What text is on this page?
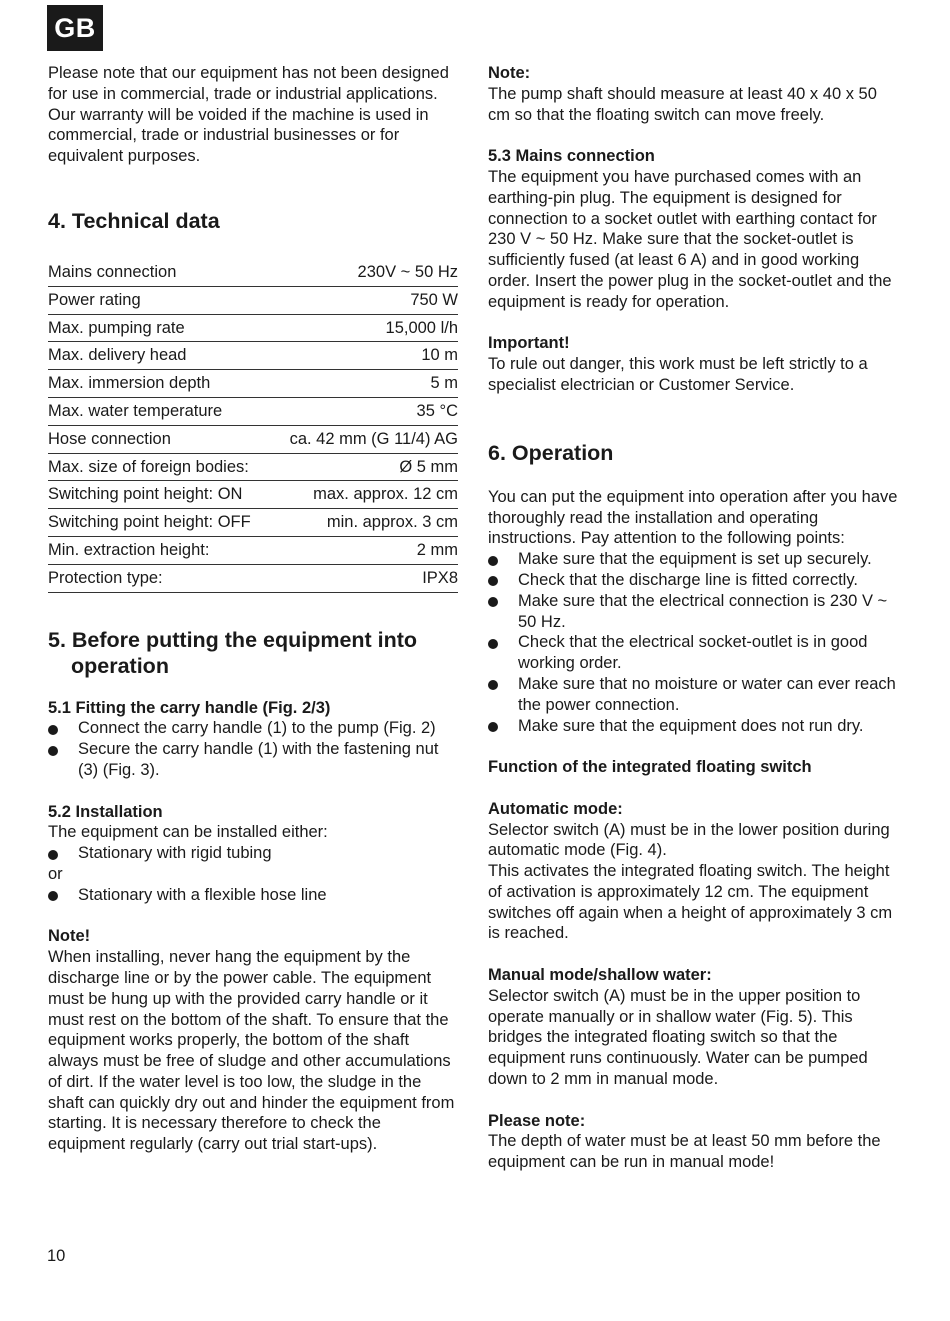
GB

Please note that our equipment has not been designed for use in commercial, trade or industrial applications. Our warranty will be voided if the machine is used in commercial, trade or industrial businesses or for equivalent purposes.

4. Technical data
Mains connection	230V ~ 50 Hz
Power rating	750 W
Max. pumping rate	15,000 l/h
Max. delivery head	10 m
Max. immersion depth	5 m
Max. water temperature	35 °C
Hose connection	ca. 42 mm (G 11/4) AG
Max. size of foreign bodies:	Ø 5 mm
Switching point height: ON	max. approx. 12 cm
Switching point height: OFF	min. approx. 3 cm
Min. extraction height:	2 mm
Protection type:	IPX8
5. Before putting the equipment into operation

5.1 Fitting the carry handle (Fig. 2/3)

Connect the carry handle (1) to the pump (Fig. 2)
Secure the carry handle (1) with the fastening nut (3) (Fig. 3).

5.2 Installation

The equipment can be installed either:

Stationary with rigid tubing

or

Stationary with a flexible hose line

Note!

When installing, never hang the equipment by the discharge line or by the power cable. The equipment must be hung up with the provided carry handle or it must rest on the bottom of the shaft. To ensure that the equipment works properly, the bottom of the shaft always must be free of sludge and other accumulations of dirt. If the water level is too low, the sludge in the shaft can quickly dry out and hinder the equipment from starting. It is necessary therefore to check the equipment regularly (carry out trial start-ups).

Note:

The pump shaft should measure at least 40 x 40 x 50 cm so that the floating switch can move freely.

5.3 Mains connection

The equipment you have purchased comes with an earthing-pin plug. The equipment is designed for connection to a socket outlet with earthing contact for 230 V ~ 50 Hz. Make sure that the socket-outlet is sufficiently fused (at least 6 A) and in good working order. Insert the power plug in the socket-outlet and the equipment is ready for operation.

Important!

To rule out danger, this work must be left strictly to a specialist electrician or Customer Service.

6. Operation

You can put the equipment into operation after you have thoroughly read the installation and operating instructions. Pay attention to the following points:

Make sure that the equipment is set up securely.
Check that the discharge line is fitted correctly.
Make sure that the electrical connection is 230 V ~ 50 Hz.
Check that the electrical socket-outlet is in good working order.
Make sure that no moisture or water can ever reach the power connection.
Make sure that the equipment does not run dry.

Function of the integrated floating switch

Automatic mode:

Selector switch (A) must be in the lower position during automatic mode (Fig. 4).

This activates the integrated floating switch. The height of activation is approximately 12 cm. The equipment switches off again when a height of approximately 3 cm is reached.

Manual mode/shallow water:

Selector switch (A) must be in the upper position to operate manually or in shallow water (Fig. 5). This bridges the integrated floating switch so that the equipment runs continuously. Water can be pumped down to 2 mm in manual mode.

Please note:

The depth of water must be at least 50 mm before the equipment can be run in manual mode!

10
